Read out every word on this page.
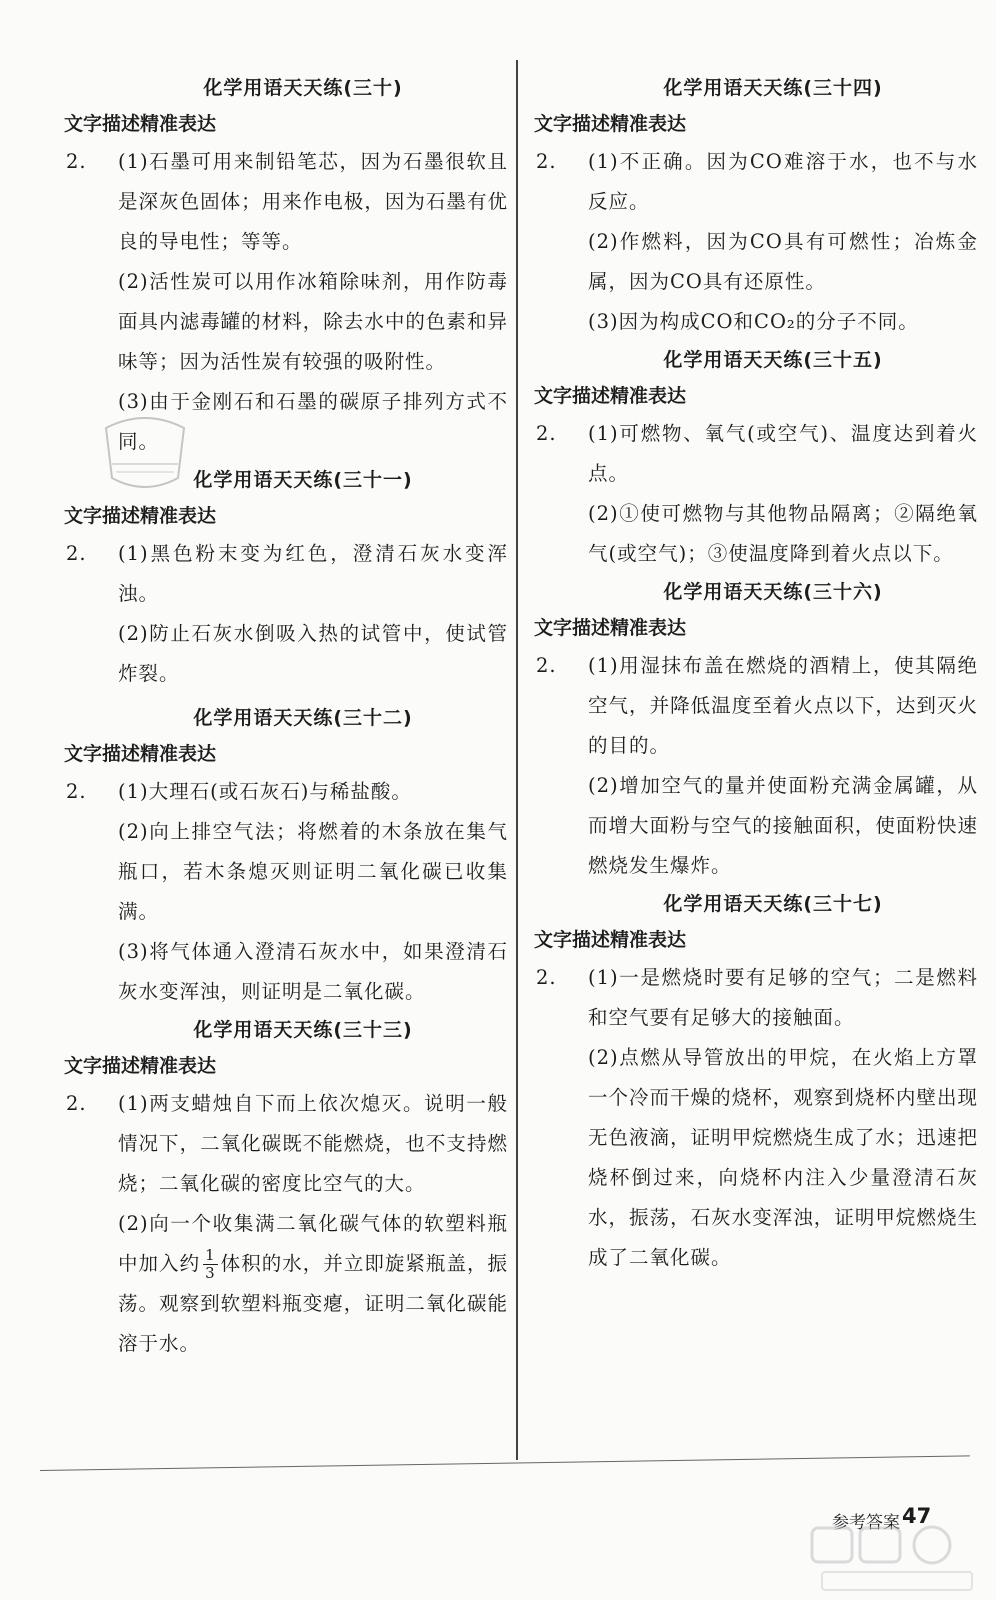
化学用语天天练(三十)
文字描述精准表达
2. (1)石墨可用来制铅笔芯，因为石墨很软且是深灰色固体；用来作电极，因为石墨有优良的导电性；等等。

(2)活性炭可以用作冰箱除味剂，用作防毒面具内滤毒罐的材料，除去水中的色素和异味等；因为活性炭有较强的吸附性。

(3)由于金刚石和石墨的碳原子排列方式不同。

化学用语天天练(三十一)
文字描述精准表达
2. (1)黑色粉末变为红色，澄清石灰水变浑浊。

(2)防止石灰水倒吸入热的试管中，使试管炸裂。

化学用语天天练(三十二)
文字描述精准表达
2. (1)大理石(或石灰石)与稀盐酸。

(2)向上排空气法；将燃着的木条放在集气瓶口，若木条熄灭则证明二氧化碳已收集满。

(3)将气体通入澄清石灰水中，如果澄清石灰水变浑浊，则证明是二氧化碳。

化学用语天天练(三十三)
文字描述精准表达
2. (1)两支蜡烛自下而上依次熄灭。说明一般情况下，二氧化碳既不能燃烧，也不支持燃烧；二氧化碳的密度比空气的大。

(2)向一个收集满二氧化碳气体的软塑料瓶中加入约 $\frac{1}{3}$ 体积的水，并立即旋紧瓶盖，振荡。观察到软塑料瓶变瘪，证明二氧化碳能溶于水。

化学用语天天练(三十四)
文字描述精准表达
2. (1)不正确。因为CO难溶于水，也不与水反应。

(2)作燃料，因为CO具有可燃性；冶炼金属，因为CO具有还原性。

(3)因为构成CO和CO₂的分子不同。

化学用语天天练(三十五)
文字描述精准表达
2. (1)可燃物、氧气(或空气)、温度达到着火点。

(2)①使可燃物与其他物品隔离；②隔绝氧气(或空气)；③使温度降到着火点以下。

化学用语天天练(三十六)
文字描述精准表达
2. (1)用湿抹布盖在燃烧的酒精上，使其隔绝空气，并降低温度至着火点以下，达到灭火的目的。

(2)增加空气的量并使面粉充满金属罐，从而增大面粉与空气的接触面积，使面粉快速燃烧发生爆炸。

化学用语天天练(三十七)
文字描述精准表达
2. (1)一是燃烧时要有足够的空气；二是燃料和空气要有足够大的接触面。

(2)点燃从导管放出的甲烷，在火焰上方罩一个冷而干燥的烧杯，观察到烧杯内壁出现无色液滴，证明甲烷燃烧生成了水；迅速把烧杯倒过来，向烧杯内注入少量澄清石灰水，振荡，石灰水变浑浊，证明甲烷燃烧生成了二氧化碳。

参考答案 47
